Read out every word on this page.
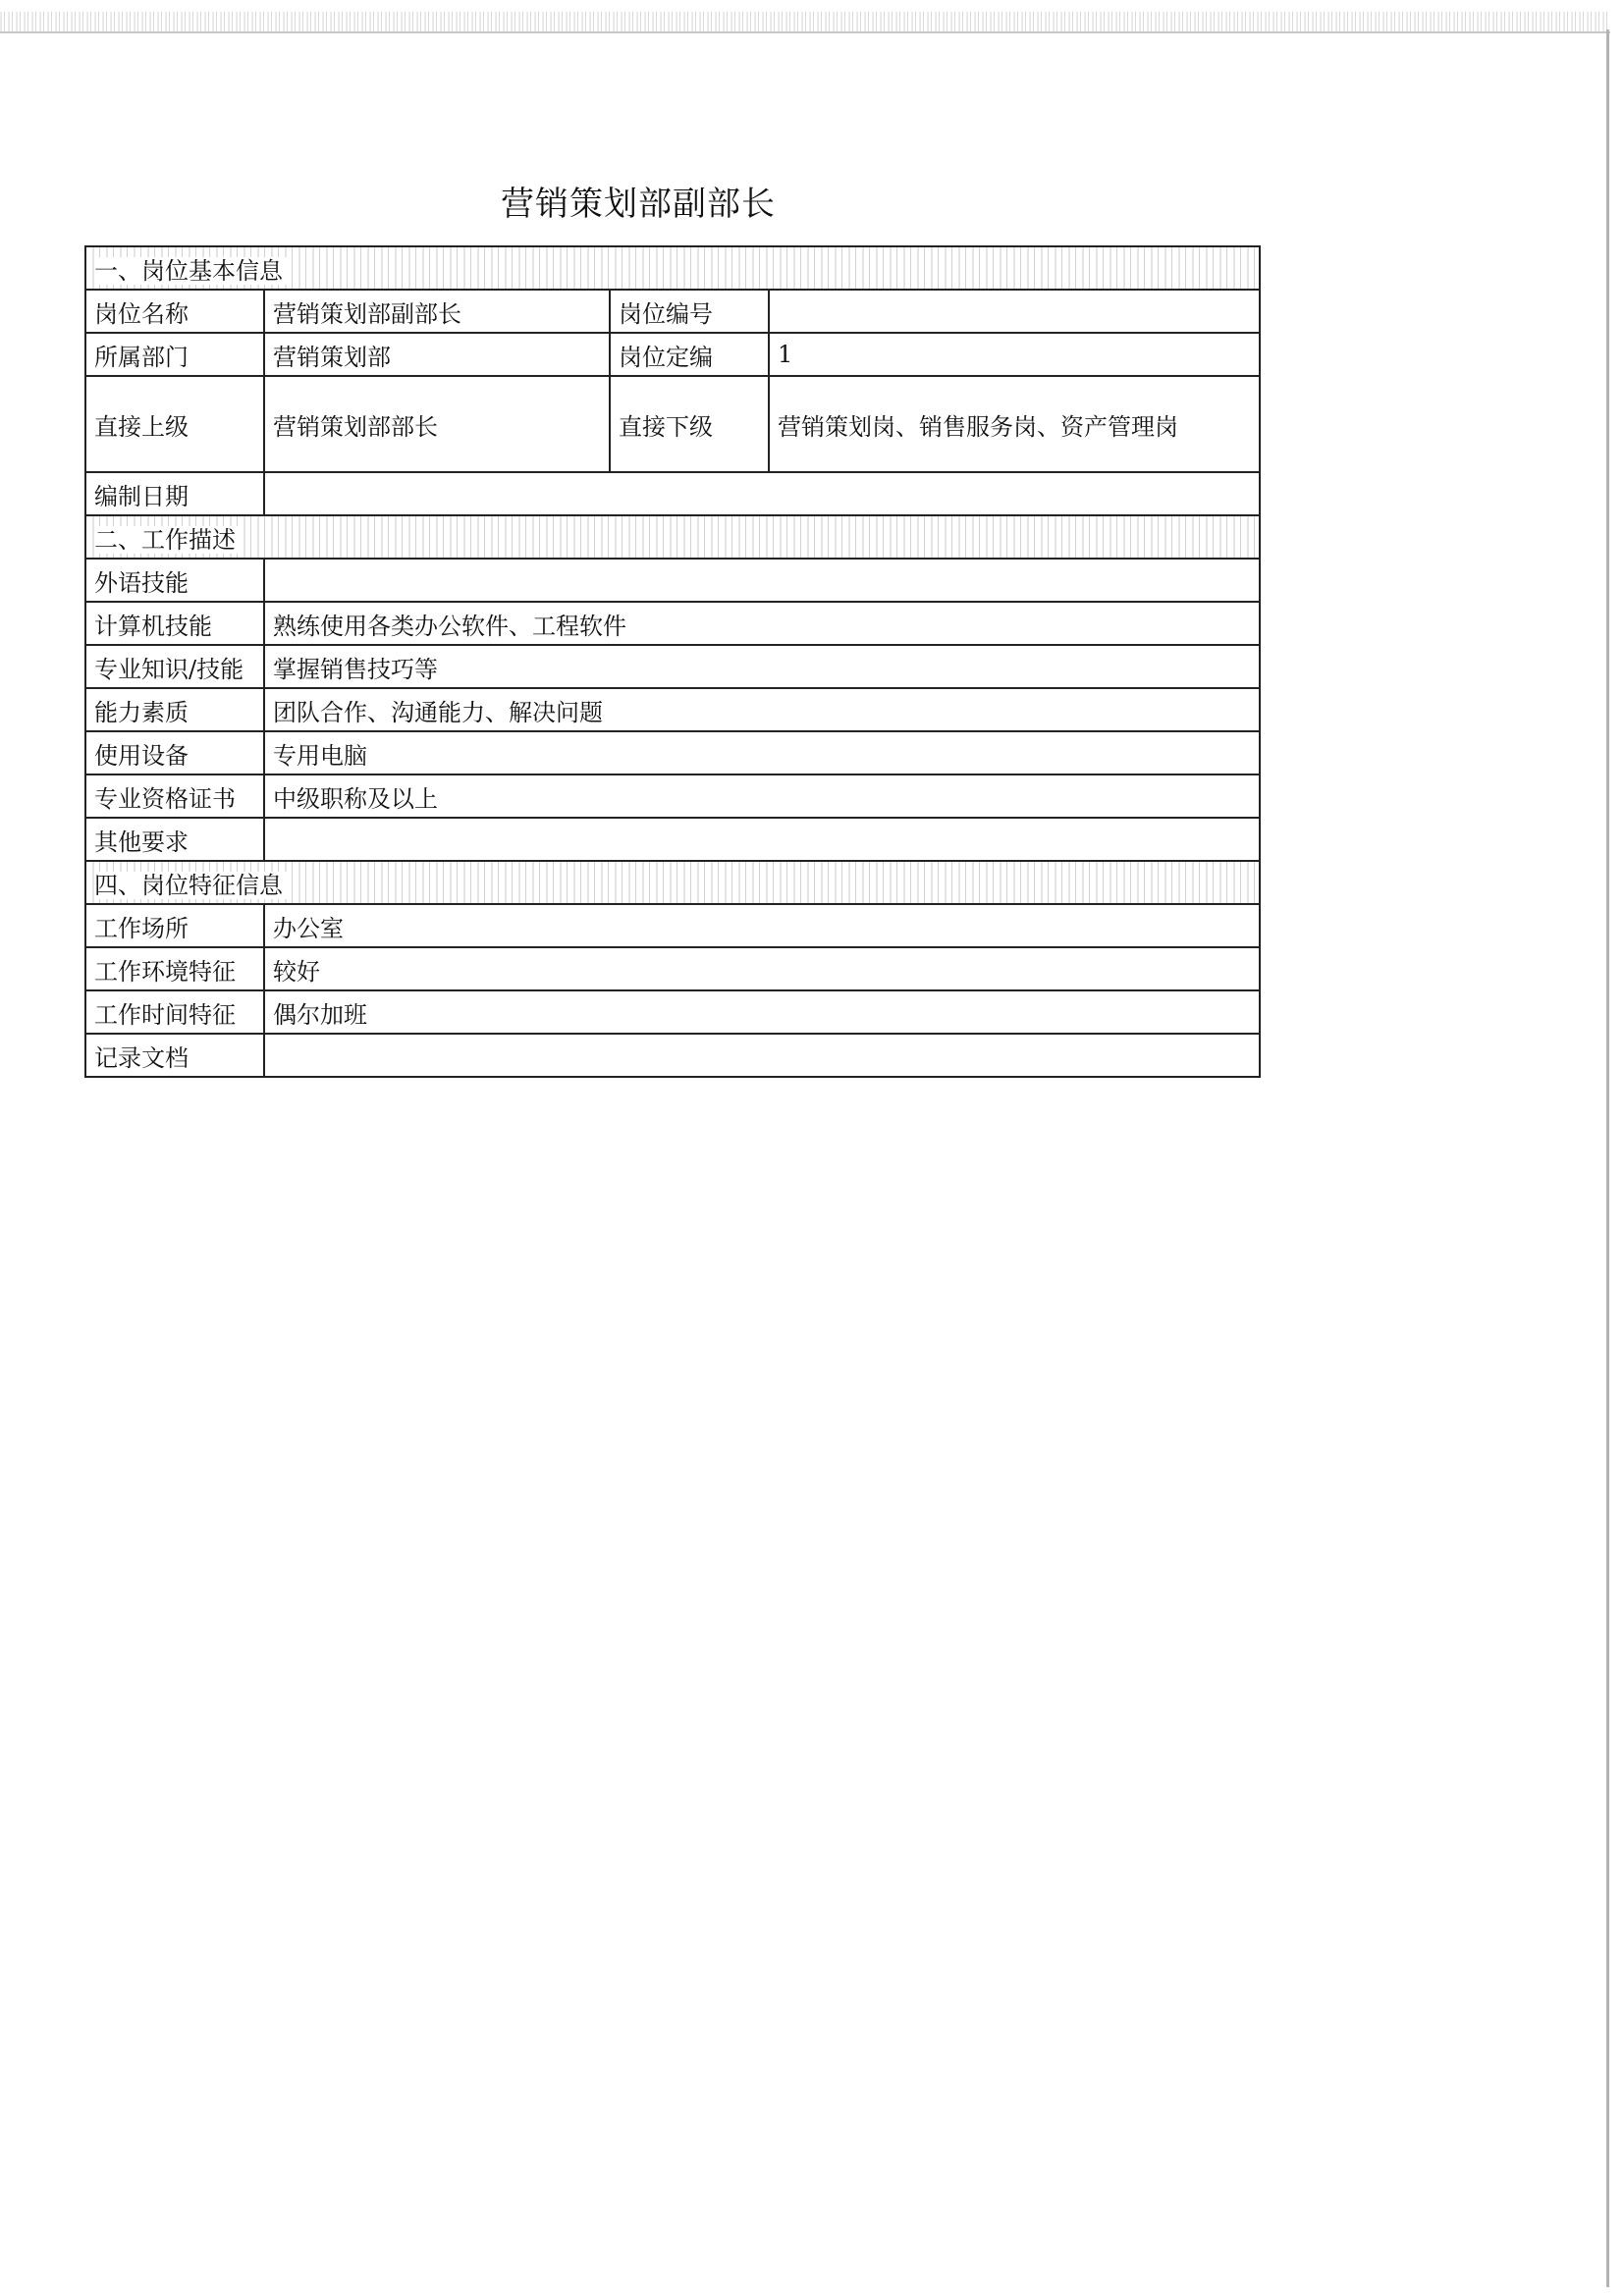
营销策划部副部长
一、岗位基本信息			
岗位名称	营销策划部副部长	岗位编号	
所属部门	营销策划部	岗位定编	1
直接上级	营销策划部部长	直接下级	营销策划岗、销售服务岗、资产管理岗
编制日期			
二、工作描述			
外语技能			
计算机技能	熟练使用各类办公软件、工程软件		
专业知识/技能	掌握销售技巧等		
能力素质	团队合作、沟通能力、解决问题		
使用设备	专用电脑		
专业资格证书	中级职称及以上		
其他要求			
四、岗位特征信息			
工作场所	办公室		
工作环境特征	较好		
工作时间特征	偶尔加班		
记录文档			
